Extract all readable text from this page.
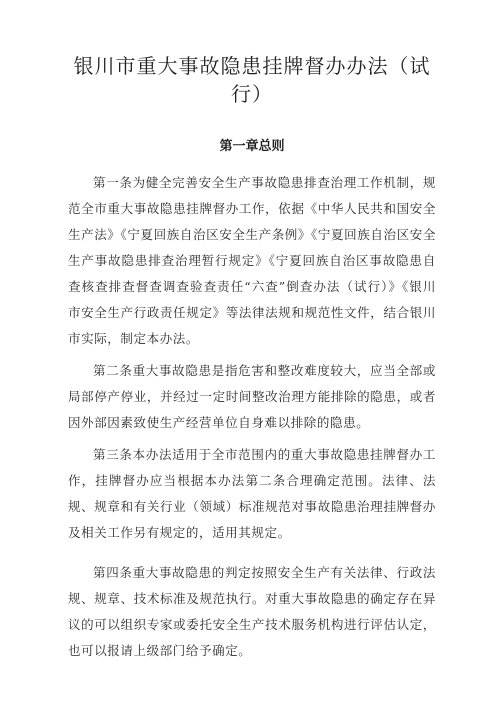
银川市重大事故隐患挂牌督办办法（试行）
第一章总则

第一条为健全完善安全生产事故隐患排查治理工作机制，规范全市重大事故隐患挂牌督办工作，依据《中华人民共和国安全生产法》《宁夏回族自治区安全生产条例》《宁夏回族自治区安全生产事故隐患排查治理暂行规定》《宁夏回族自治区事故隐患自查核查排查督查调查验查责任“六查”倒查办法（试行）》《银川市安全生产行政责任规定》等法律法规和规范性文件，结合银川市实际，制定本办法。

第二条重大事故隐患是指危害和整改难度较大，应当全部或局部停产停业，并经过一定时间整改治理方能排除的隐患，或者因外部因素致使生产经营单位自身难以排除的隐患。

第三条本办法适用于全市范围内的重大事故隐患挂牌督办工作，挂牌督办应当根据本办法第二条合理确定范围。法律、法规、规章和有关行业（领域）标准规范对事故隐患治理挂牌督办及相关工作另有规定的，适用其规定。

第四条重大事故隐患的判定按照安全生产有关法律、行政法规、规章、技术标准及规范执行。对重大事故隐患的确定存在异议的可以组织专家或委托安全生产技术服务机构进行评估认定，也可以报请上级部门给予确定。
